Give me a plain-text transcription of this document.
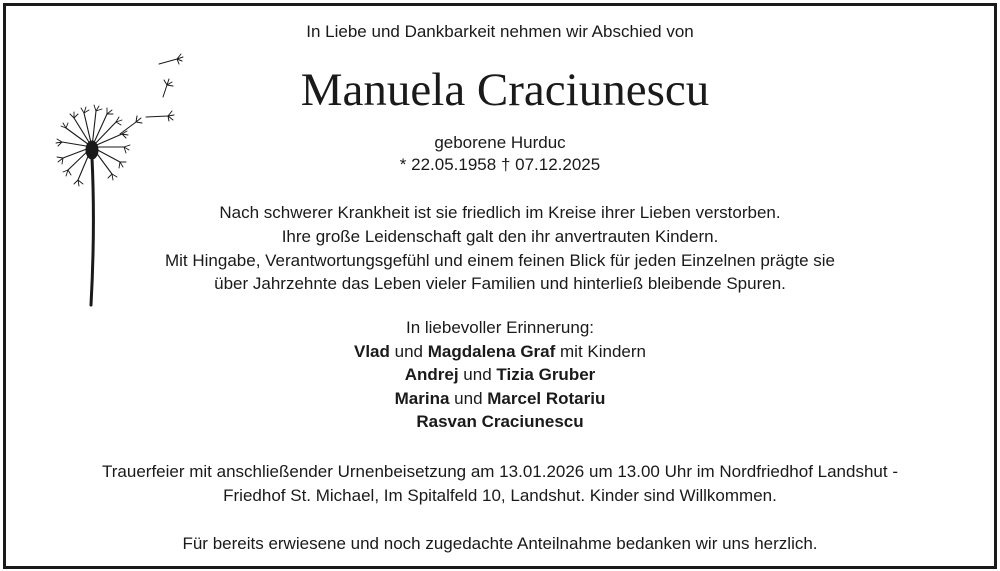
In Liebe und Dankbarkeit nehmen wir Abschied von
Manuela Craciunescu
geborene Hurduc
* 22.05.1958 † 07.12.2025
Nach schwerer Krankheit ist sie friedlich im Kreise ihrer Lieben verstorben.
Ihre große Leidenschaft galt den ihr anvertrauten Kindern.
Mit Hingabe, Verantwortungsgefühl und einem feinen Blick für jeden Einzelnen prägte sie
über Jahrzehnte das Leben vieler Familien und hinterließ bleibende Spuren.
In liebevoller Erinnerung:
Vlad und Magdalena Graf mit Kindern
Andrej und Tizia Gruber
Marina und Marcel Rotariu
Rasvan Craciunescu
Trauerfeier mit anschließender Urnenbeisetzung am 13.01.2026 um 13.00 Uhr im Nordfriedhof Landshut -
Friedhof St. Michael, Im Spitalfeld 10, Landshut. Kinder sind Willkommen.
Für bereits erwiesene und noch zugedachte Anteilnahme bedanken wir uns herzlich.
